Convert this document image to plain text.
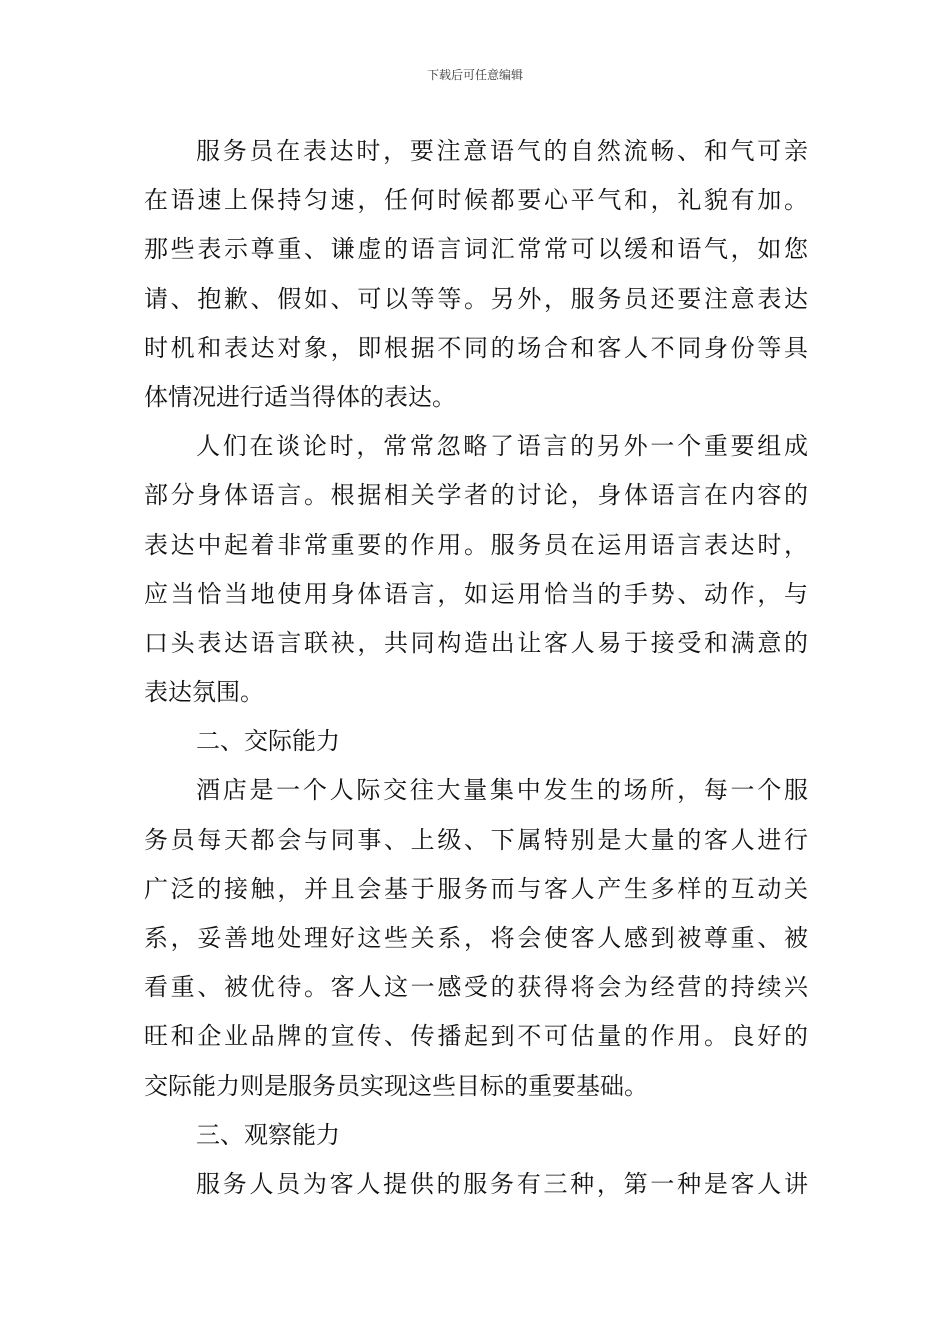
下载后可任意编辑
服务员在表达时，要注意语气的自然流畅、和气可亲
在语速上保持匀速，任何时候都要心平气和，礼貌有加。
那些表示尊重、谦虚的语言词汇常常可以缓和语气，如您
请、抱歉、假如、可以等等。另外，服务员还要注意表达
时机和表达对象，即根据不同的场合和客人不同身份等具
体情况进行适当得体的表达。
人们在谈论时，常常忽略了语言的另外一个重要组成
部分身体语言。根据相关学者的讨论，身体语言在内容的
表达中起着非常重要的作用。服务员在运用语言表达时，
应当恰当地使用身体语言，如运用恰当的手势、动作，与
口头表达语言联袂，共同构造出让客人易于接受和满意的
表达氛围。
二、交际能力
酒店是一个人际交往大量集中发生的场所，每一个服
务员每天都会与同事、上级、下属特别是大量的客人进行
广泛的接触，并且会基于服务而与客人产生多样的互动关
系，妥善地处理好这些关系，将会使客人感到被尊重、被
看重、被优待。客人这一感受的获得将会为经营的持续兴
旺和企业品牌的宣传、传播起到不可估量的作用。良好的
交际能力则是服务员实现这些目标的重要基础。
三、观察能力
服务人员为客人提供的服务有三种，第一种是客人讲
